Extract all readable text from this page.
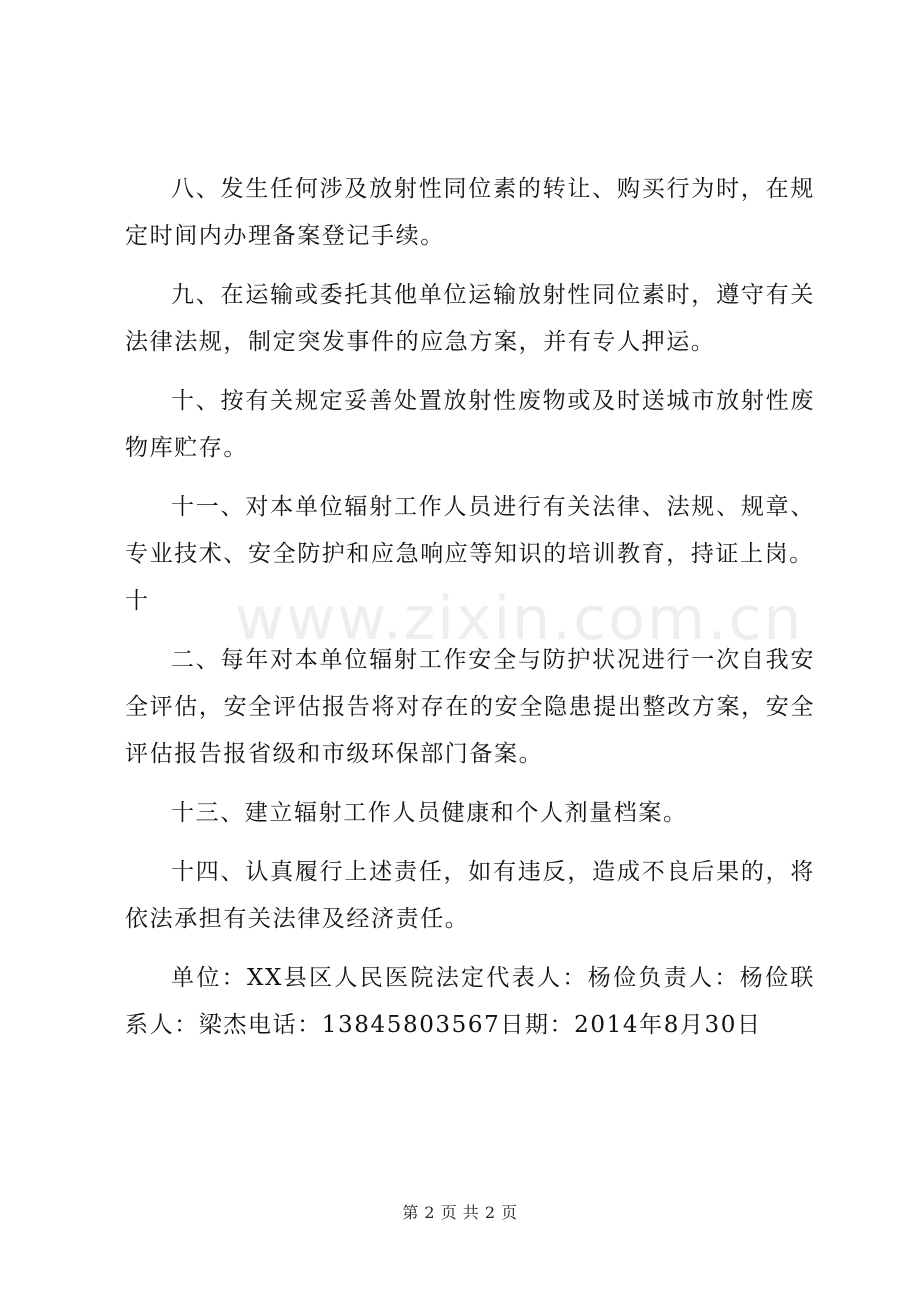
www.zixin.com.cn

八、发生任何涉及放射性同位素的转让、购买行为时，在规定时间内办理备案登记手续。

九、在运输或委托其他单位运输放射性同位素时，遵守有关法律法规，制定突发事件的应急方案，并有专人押运。

十、按有关规定妥善处置放射性废物或及时送城市放射性废物库贮存。

十一、对本单位辐射工作人员进行有关法律、法规、规章、专业技术、安全防护和应急响应等知识的培训教育，持证上岗。

十

二、每年对本单位辐射工作安全与防护状况进行一次自我安全评估，安全评估报告将对存在的安全隐患提出整改方案，安全评估报告报省级和市级环保部门备案。

十三、建立辐射工作人员健康和个人剂量档案。

十四、认真履行上述责任，如有违反，造成不良后果的，将依法承担有关法律及经济责任。

单位：XX县区人民医院法定代表人：杨俭负责人：杨俭联系人：梁杰电话：13845803567日期：2014年8月30日

第 2 页 共 2 页
